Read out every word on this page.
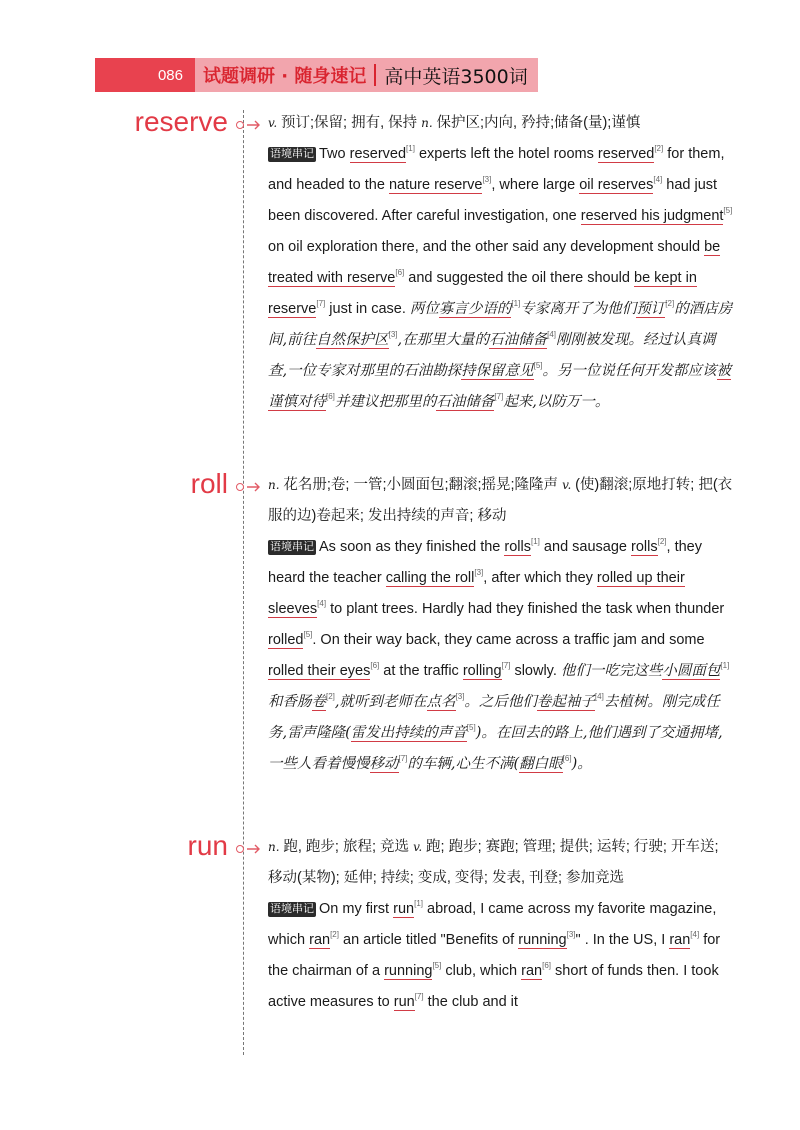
086	试题调研 · 随身速记 高中英语3500词
reserve	v. 预订;保留; 拥有, 保持 n. 保护区;内向, 矜持;储备(量);谨慎
语境串记 Two reserved[1] experts left the hotel rooms reserved[2] for them, and headed to the nature reserve[3], where large oil reserves[4] had just been discovered. After careful investigation, one reserved his judgment[5] on oil exploration there, and the other said any development should be treated with reserve[6] and suggested the oil there should be kept in reserve[7] just in case. 两位寡言少语的[1]专家离开了为他们预订[2]的酒店房间,前往自然保护区[3],在那里大量的石油储备[4]刚刚被发现。经过认真调查,一位专家对那里的石油勘探持保留意见[5]。另一位说任何开发都应该被谨慎对待[6]并建议把那里的石油储备[7]起来,以防万一。
roll	n. 花名册;卷; 一管;小圆面包;翻滚;摇晃;隆隆声 v. (使)翻滚;原地打转; 把(衣服的边)卷起来; 发出持续的声音; 移动
语境串记 As soon as they finished the rolls[1] and sausage rolls[2], they heard the teacher calling the roll[3], after which they rolled up their sleeves[4] to plant trees. Hardly had they finished the task when thunder rolled[5]. On their way back, they came across a traffic jam and some rolled their eyes[6] at the traffic rolling[7] slowly. 他们一吃完这些小圆面包[1]和香肠卷[2],就听到老师在点名[3]。之后他们卷起袖子[4]去植树。刚完成任务,雷声隆隆(雷发出持续的声音[5])。在回去的路上,他们遇到了交通拥堵,一些人看着慢慢移动[7]的车辆,心生不满(翻白眼[6])。
run	n. 跑, 跑步; 旅程; 竞选 v. 跑; 跑步; 赛跑; 管理; 提供; 运转; 行驶; 开车送; 移动(某物); 延伸; 持续; 变成, 变得; 发表, 刊登; 参加竞选
语境串记 On my first run[1] abroad, I came across my favorite magazine, which ran[2] an article titled "Benefits of running[3]" . In the US, I ran[4] for the chairman of a running[5] club, which ran[6] short of funds then. I took active measures to run[7] the club and it
